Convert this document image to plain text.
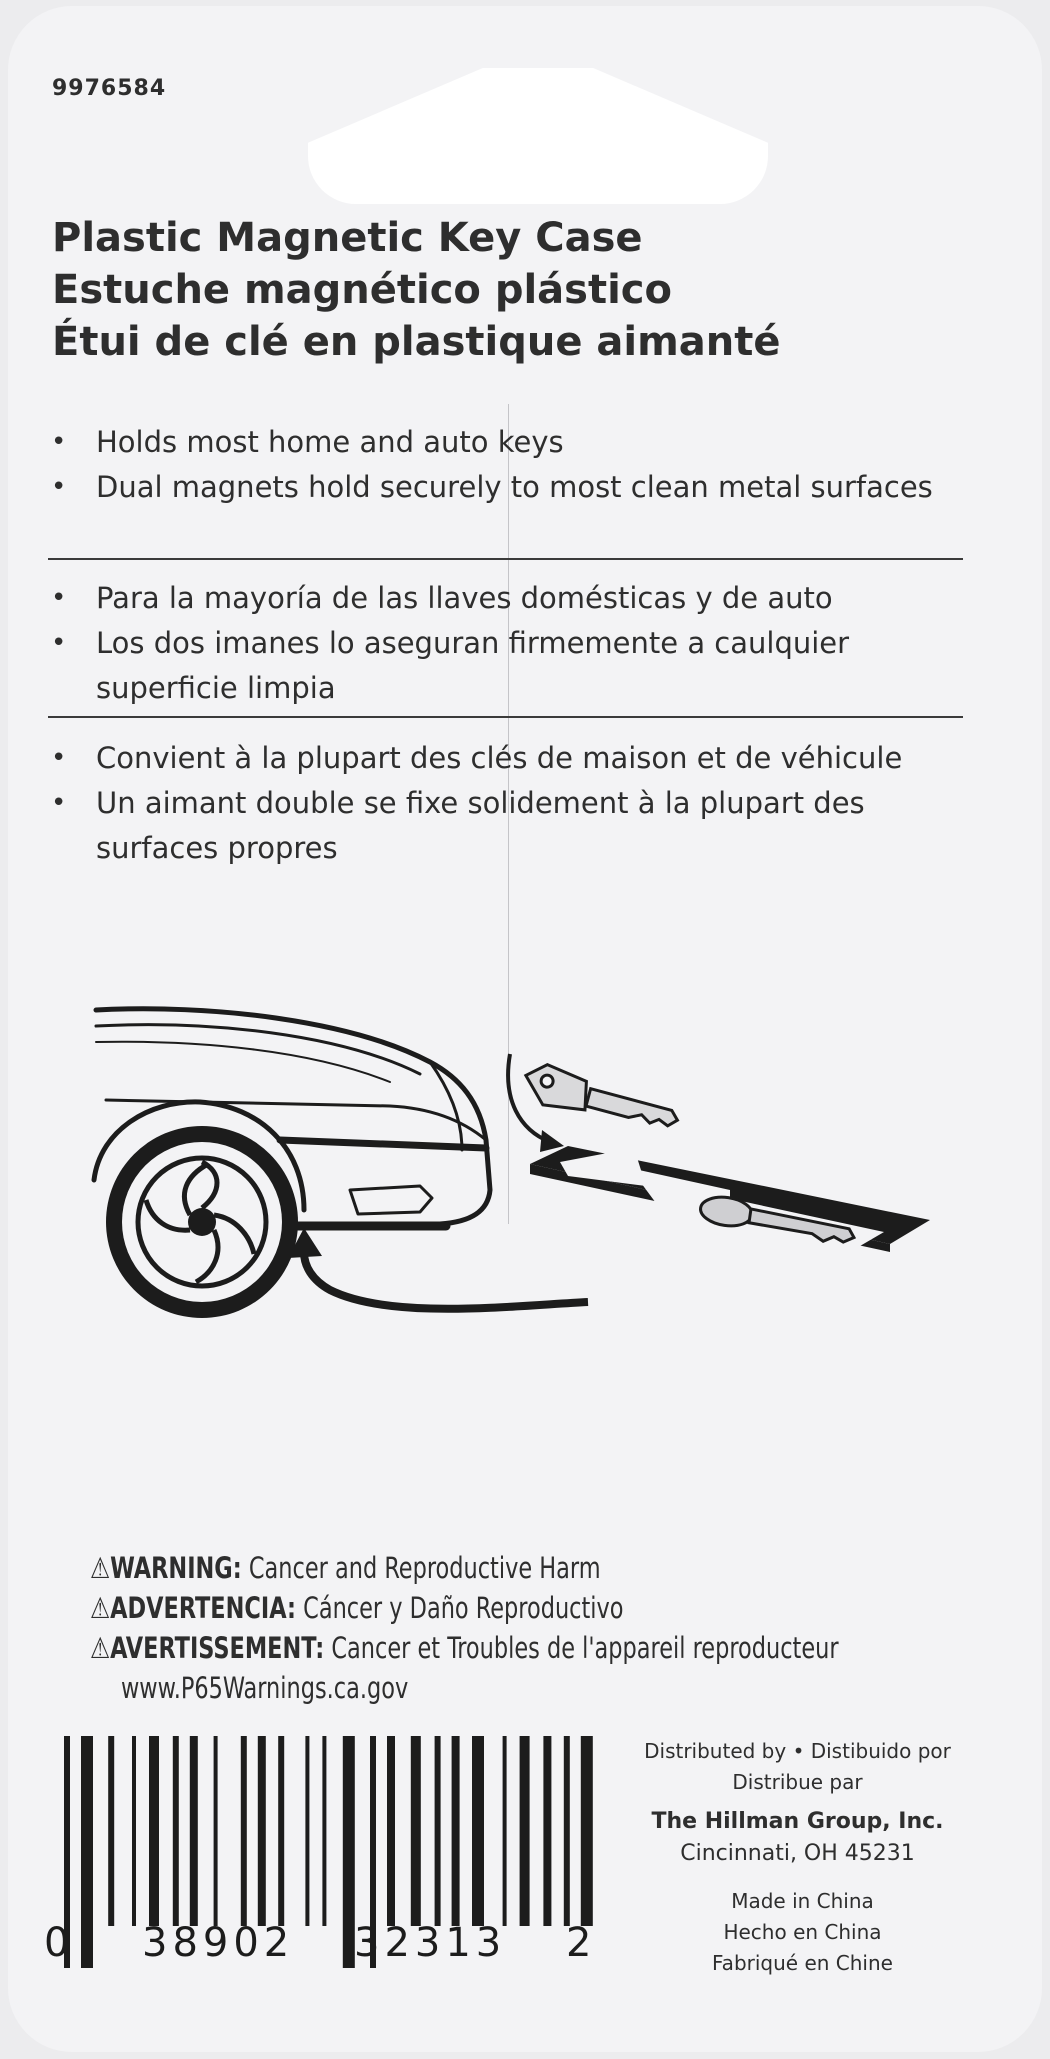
9976584
Plastic Magnetic Key Case
Estuche magnético plástico
Étui de clé en plastique aimanté
• Holds most home and auto keys
• Dual magnets hold securely to most clean metal surfaces
• Para la mayoría de las llaves domésticas y de auto
• Los dos imanes lo aseguran firmemente a caulquier superficie limpia
• Convient à la plupart des clés de maison et de véhicule
• Un aimant double se fixe solidement à la plupart des surfaces propres
⚠WARNING: Cancer and Reproductive Harm
⚠ADVERTENCIA: Cáncer y Daño Reproductivo
⚠AVERTISSEMENT: Cancer et Troubles de l'appareil reproducteur
www.P65Warnings.ca.gov
0 38902 32313 2
Distributed by • Distibuido por
Distribue par
The Hillman Group, Inc.
Cincinnati, OH 45231
Made in China
Hecho en China
Fabriqué en Chine
